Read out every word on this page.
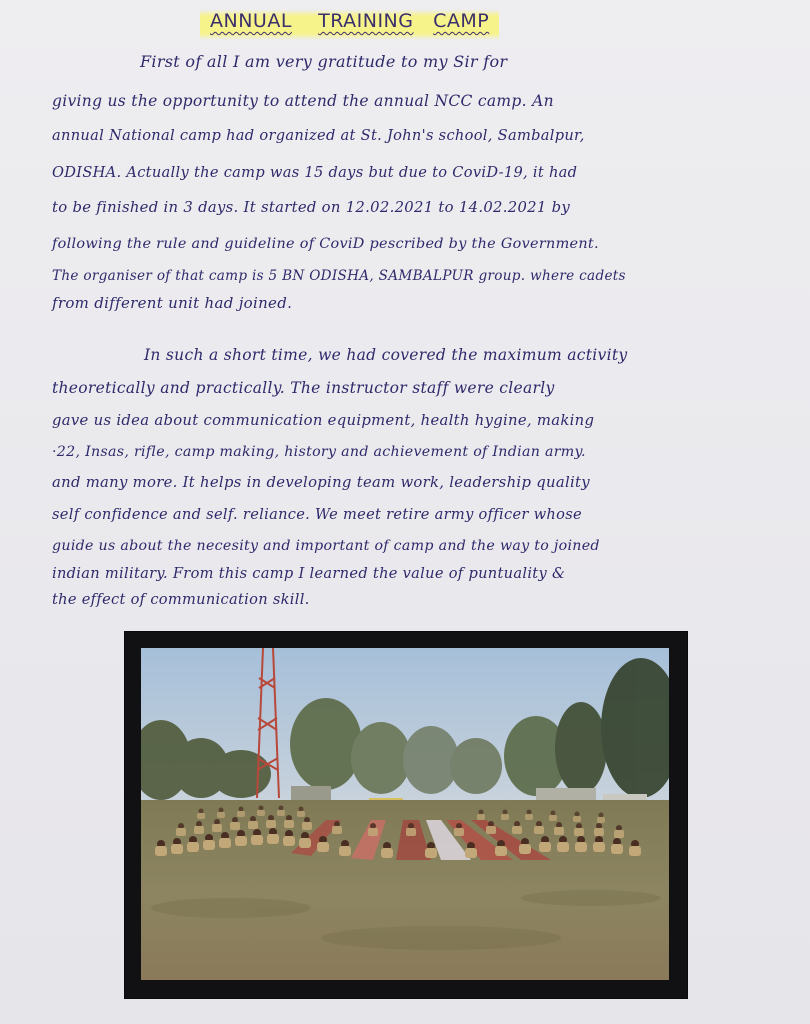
ANNUAL TRAINING CAMP
First of all I am very gratitude to my Sir for
giving us the opportunity to attend the annual NCC camp. An
annual National camp had organized at St. John's school, Sambalpur,
ODISHA. Actually the camp was 15 days but due to CoviD-19, it had
to be finished in 3 days. It started on 12.02.2021 to 14.02.2021 by
following the rule and guideline of CoviD pescribed by the Government.
The organiser of that camp is 5 BN ODISHA, SAMBALPUR group. where cadets
from different unit had joined.
In such a short time, we had covered the maximum activity
theoretically and practically. The instructor staff were clearly
gave us idea about communication equipment, health hygine, making
·22, Insas, rifle, camp making, history and achievement of Indian army.
and many more. It helps in developing team work, leadership quality
self confidence and self. reliance. We meet retire army officer whose
guide us about the necesity and important of camp and the way to joined
indian military. From this camp I learned the value of puntuality &
the effect of communication skill.
